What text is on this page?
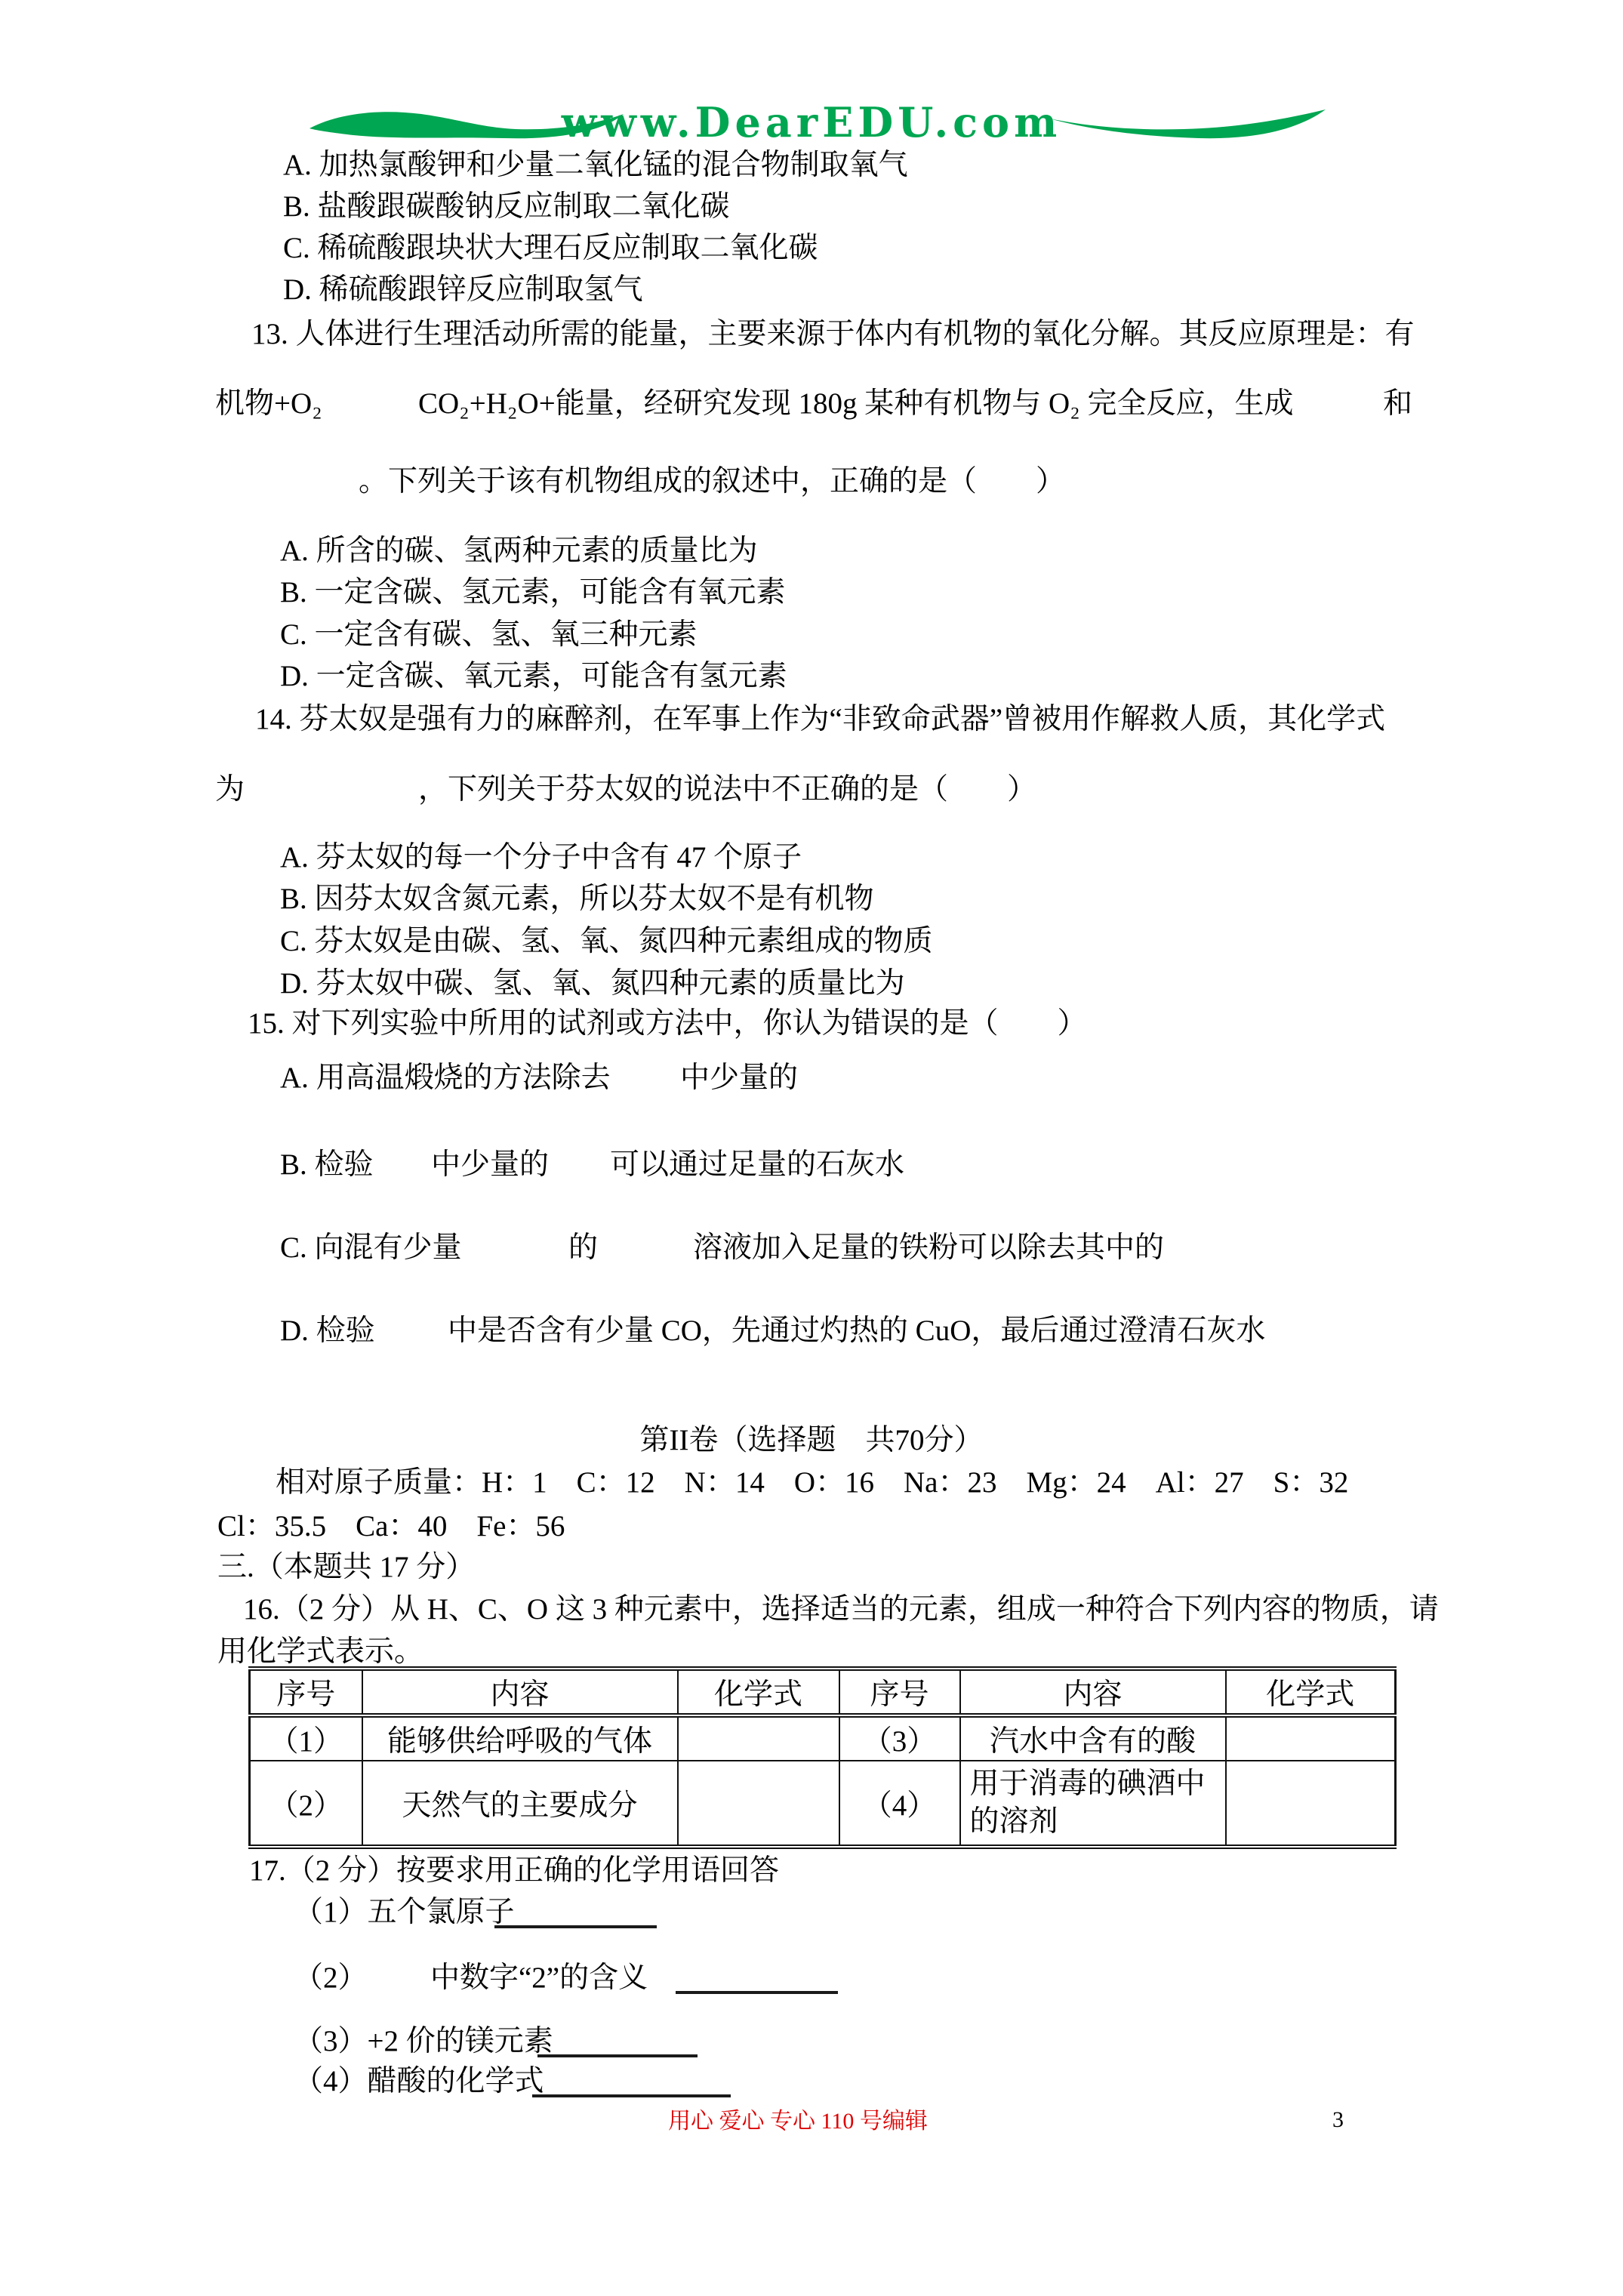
www.DearEDU.com
A. 加热氯酸钾和少量二氧化锰的混合物制取氧气
B. 盐酸跟碳酸钠反应制取二氧化碳
C. 稀硫酸跟块状大理石反应制取二氧化碳
D. 稀硫酸跟锌反应制取氢气
13. 人体进行生理活动所需的能量，主要来源于体内有机物的氧化分解。其反应原理是：有
机物+O₂	CO₂+H₂O+能量，经研究发现 180g 某种有机物与 O₂ 完全反应，生成	和
。下列关于该有机物组成的叙述中，正确的是（　　）
A. 所含的碳、氢两种元素的质量比为
B. 一定含碳、氢元素，可能含有氧元素
C. 一定含有碳、氢、氧三种元素
D. 一定含碳、氧元素，可能含有氢元素
14. 芬太奴是强有力的麻醉剂，在军事上作为“非致命武器”曾被用作解救人质，其化学式
为	，下列关于芬太奴的说法中不正确的是（　　）
A. 芬太奴的每一个分子中含有 47 个原子
B. 因芬太奴含氮元素，所以芬太奴不是有机物
C. 芬太奴是由碳、氢、氧、氮四种元素组成的物质
D. 芬太奴中碳、氢、氧、氮四种元素的质量比为
15. 对下列实验中所用的试剂或方法中，你认为错误的是（　　）
A. 用高温煅烧的方法除去 中少量的
B. 检验 中少量的 可以通过足量的石灰水
C. 向混有少量	的	溶液加入足量的铁粉可以除去其中的
D. 检验 中是否含有少量 CO，先通过灼热的 CuO，最后通过澄清石灰水
第II卷（选择题　共70分）
相对原子质量：H：1　C：12　N：14　O：16　Na：23　Mg：24　Al：27　S：32
Cl：35.5　Ca：40　Fe：56
三.（本题共 17 分）
16.（2 分）从 H、C、O 这 3 种元素中，选择适当的元素，组成一种符合下列内容的物质，请
用化学式表示。
序号	内容	化学式	序号	内容	化学式
（1）	能够供给呼吸的气体		（3）	汽水中含有的酸	
（2）	天然气的主要成分		（4）	用于消毒的碘酒中的溶剂	
17.（2 分）按要求用正确的化学用语回答
（1）五个氯原子
（2） 中数字“2”的含义
（3）+2 价的镁元素
（4）醋酸的化学式
用心 爱心 专心 110 号编辑	3
